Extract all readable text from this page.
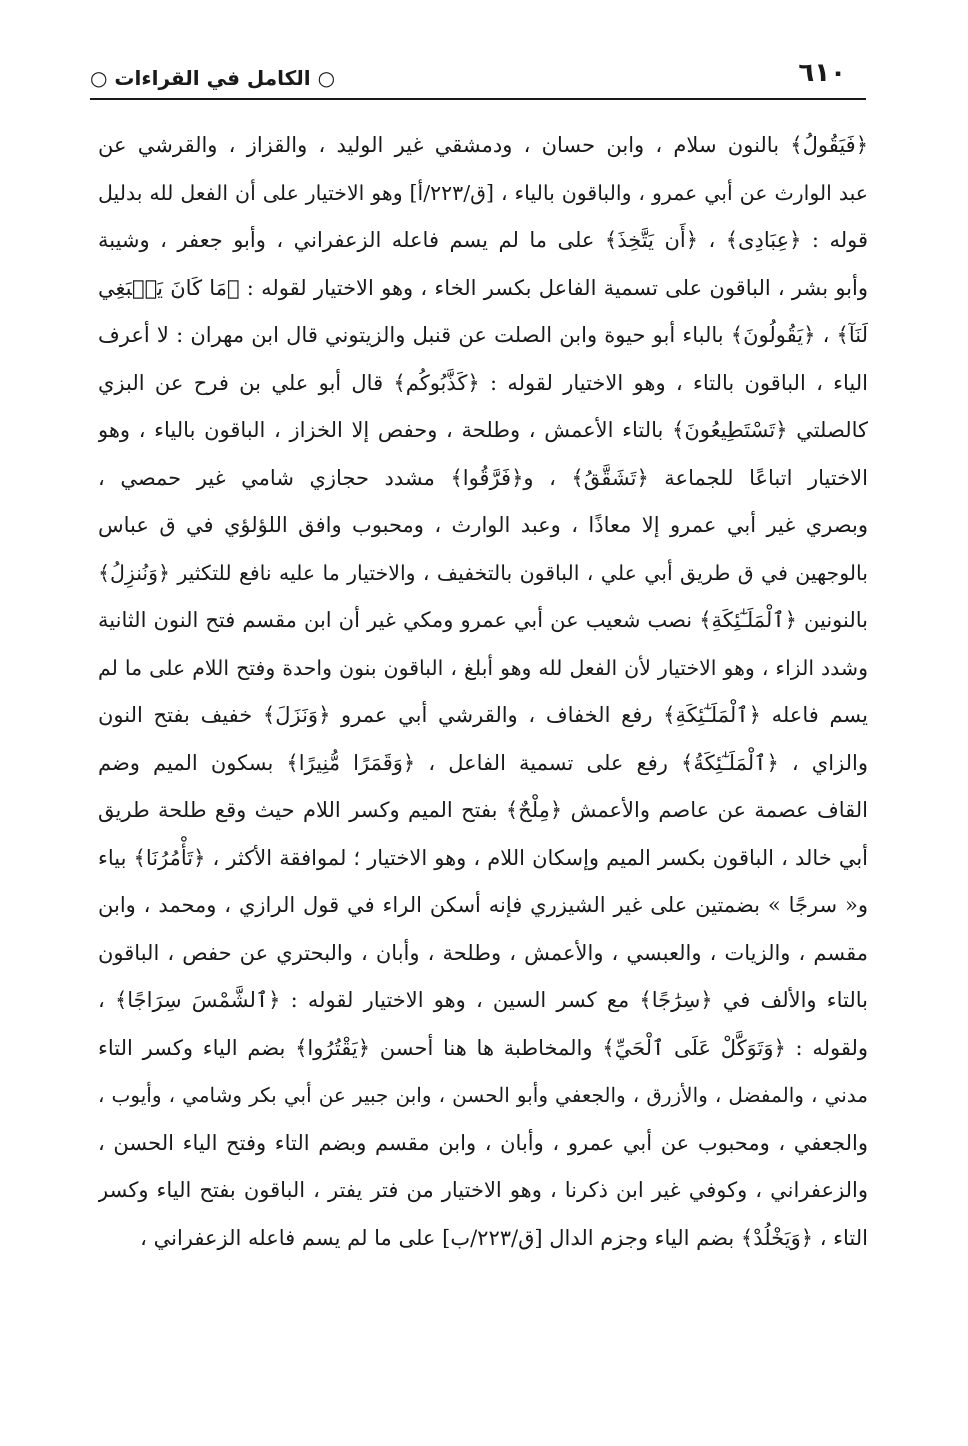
٦١٠
○ الكامل في القراءات ○
﴿فَيَقُولُ﴾ بالنون سلام ، وابن حسان ، ودمشقي غير الوليد ، والقزاز ، والقرشي عن
عبد الوارث عن أبي عمرو ، والباقون بالياء ، [ق/٢٢٣/أ] وهو الاختيار على أن الفعل لله بدليل
قوله : ﴿عِبَادِى﴾ ، ﴿أَن يَتَّخِذَ﴾ على ما لم يسم فاعله الزعفراني ، وأبو جعفر ، وشيبة
وأبو بشر ، الباقون على تسمية الفاعل بكسر الخاء ، وهو الاختيار لقوله : ﴿مَا كَانَ يَنۢبَغِي
لَنَآ﴾ ، ﴿يَقُولُونَ﴾ بالباء أبو حيوة وابن الصلت عن قنبل والزيتوني قال ابن مهران : لا أعرف
الياء ، الباقون بالتاء ، وهو الاختيار لقوله : ﴿كَذَّبُوكُم﴾ قال أبو علي بن فرح عن البزي
كالصلتي ﴿تَسْتَطِيعُونَ﴾ بالتاء الأعمش ، وطلحة ، وحفص إلا الخزاز ، الباقون بالياء ، وهو
الاختيار اتباعًا للجماعة ﴿تَشَقَّقُ﴾ ، و﴿فَرَّقُوا﴾ مشدد حجازي شامي غير حمصي ،
وبصري غير أبي عمرو إلا معاذًا ، وعبد الوارث ، ومحبوب وافق اللؤلؤي في ق عباس
بالوجهين في ق طريق أبي علي ، الباقون بالتخفيف ، والاختيار ما عليه نافع للتكثير ﴿وَنُنزِلُ﴾
بالنونين ﴿ٱلْمَلَـٰٓئِكَةِ﴾ نصب شعيب عن أبي عمرو ومكي غير أن ابن مقسم فتح النون الثانية
وشدد الزاء ، وهو الاختيار لأن الفعل لله وهو أبلغ ، الباقون بنون واحدة وفتح اللام على ما لم
يسم فاعله ﴿ٱلْمَلَـٰٓئِكَةِ﴾ رفع الخفاف ، والقرشي أبي عمرو ﴿وَنَزَلَ﴾ خفيف بفتح النون
والزاي ، ﴿ٱلْمَلَـٰٓئِكَةُ﴾ رفع على تسمية الفاعل ، ﴿وَقَمَرًا مُّنِيرًا﴾ بسكون الميم وضم
القاف عصمة عن عاصم والأعمش ﴿مِلْحٌ﴾ بفتح الميم وكسر اللام حيث وقع طلحة طريق
أبي خالد ، الباقون بكسر الميم وإسكان اللام ، وهو الاختيار ؛ لموافقة الأكثر ، ﴿تَأْمُرُنَا﴾ بياء
و« سرجًا » بضمتين على غير الشيزري فإنه أسكن الراء في قول الرازي ، ومحمد ، وابن
مقسم ، والزيات ، والعبسي ، والأعمش ، وطلحة ، وأبان ، والبحتري عن حفص ، الباقون
بالتاء والألف في ﴿سِرَٰجًا﴾ مع كسر السين ، وهو الاختيار لقوله : ﴿ٱلشَّمْسَ سِرَاجًا﴾ ،
ولقوله : ﴿وَتَوَكَّلْ عَلَى ٱلْحَيِّ﴾ والمخاطبة ها هنا أحسن ﴿يَقْتُرُوا﴾ بضم الياء وكسر التاء
مدني ، والمفضل ، والأزرق ، والجعفي وأبو الحسن ، وابن جبير عن أبي بكر وشامي ، وأيوب ،
والجعفي ، ومحبوب عن أبي عمرو ، وأبان ، وابن مقسم وبضم التاء وفتح الياء الحسن ،
والزعفراني ، وكوفي غير ابن ذكرنا ، وهو الاختيار من فتر يفتر ، الباقون بفتح الياء وكسر
التاء ، ﴿وَيَخْلُدْ﴾ بضم الياء وجزم الدال [ق/٢٢٣/ب] على ما لم يسم فاعله الزعفراني ،
